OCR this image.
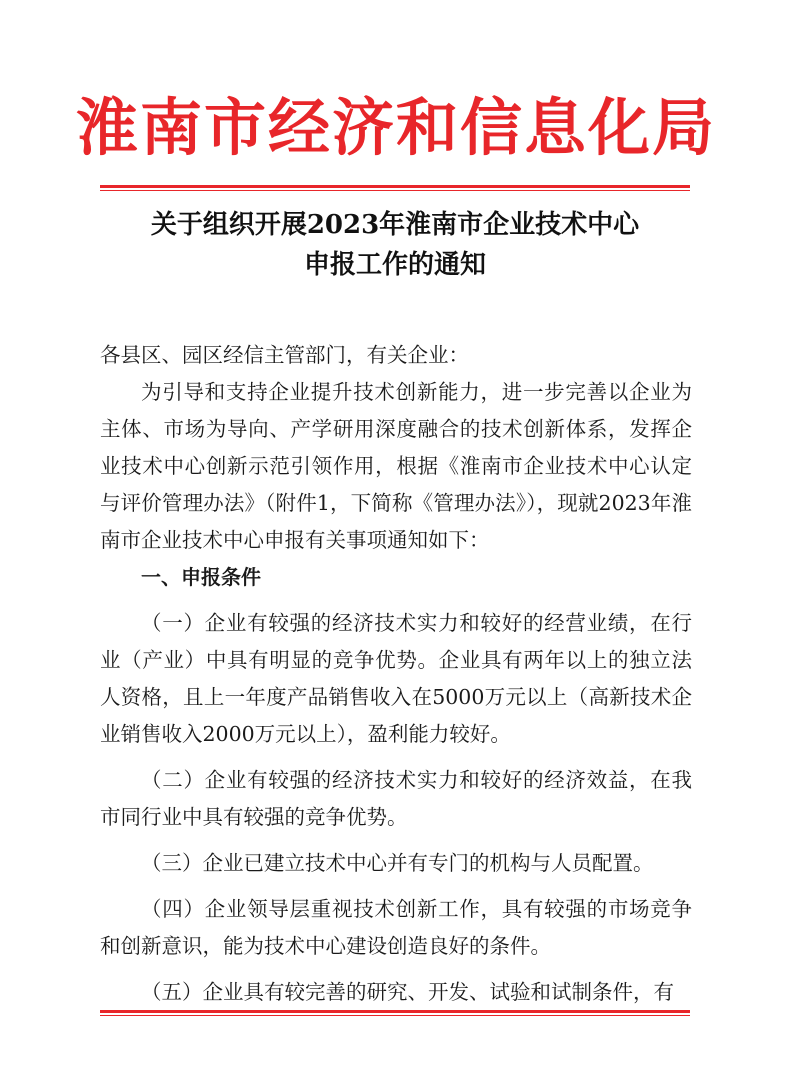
淮南市经济和信息化局
关于组织开展2023年淮南市企业技术中心
申报工作的通知

各县区、园区经信主管部门，有关企业：

为引导和支持企业提升技术创新能力，进一步完善以企业为主体、市场为导向、产学研用深度融合的技术创新体系，发挥企业技术中心创新示范引领作用，根据《淮南市企业技术中心认定与评价管理办法》（附件1，下简称《管理办法》），现就2023年淮南市企业技术中心申报有关事项通知如下：

一、申报条件

（一）企业有较强的经济技术实力和较好的经营业绩，在行业（产业）中具有明显的竞争优势。企业具有两年以上的独立法人资格，且上一年度产品销售收入在5000万元以上（高新技术企业销售收入2000万元以上），盈利能力较好。

（二）企业有较强的经济技术实力和较好的经济效益，在我市同行业中具有较强的竞争优势。

（三）企业已建立技术中心并有专门的机构与人员配置。

（四）企业领导层重视技术创新工作，具有较强的市场竞争和创新意识，能为技术中心建设创造良好的条件。

（五）企业具有较完善的研究、开发、试验和试制条件，有
